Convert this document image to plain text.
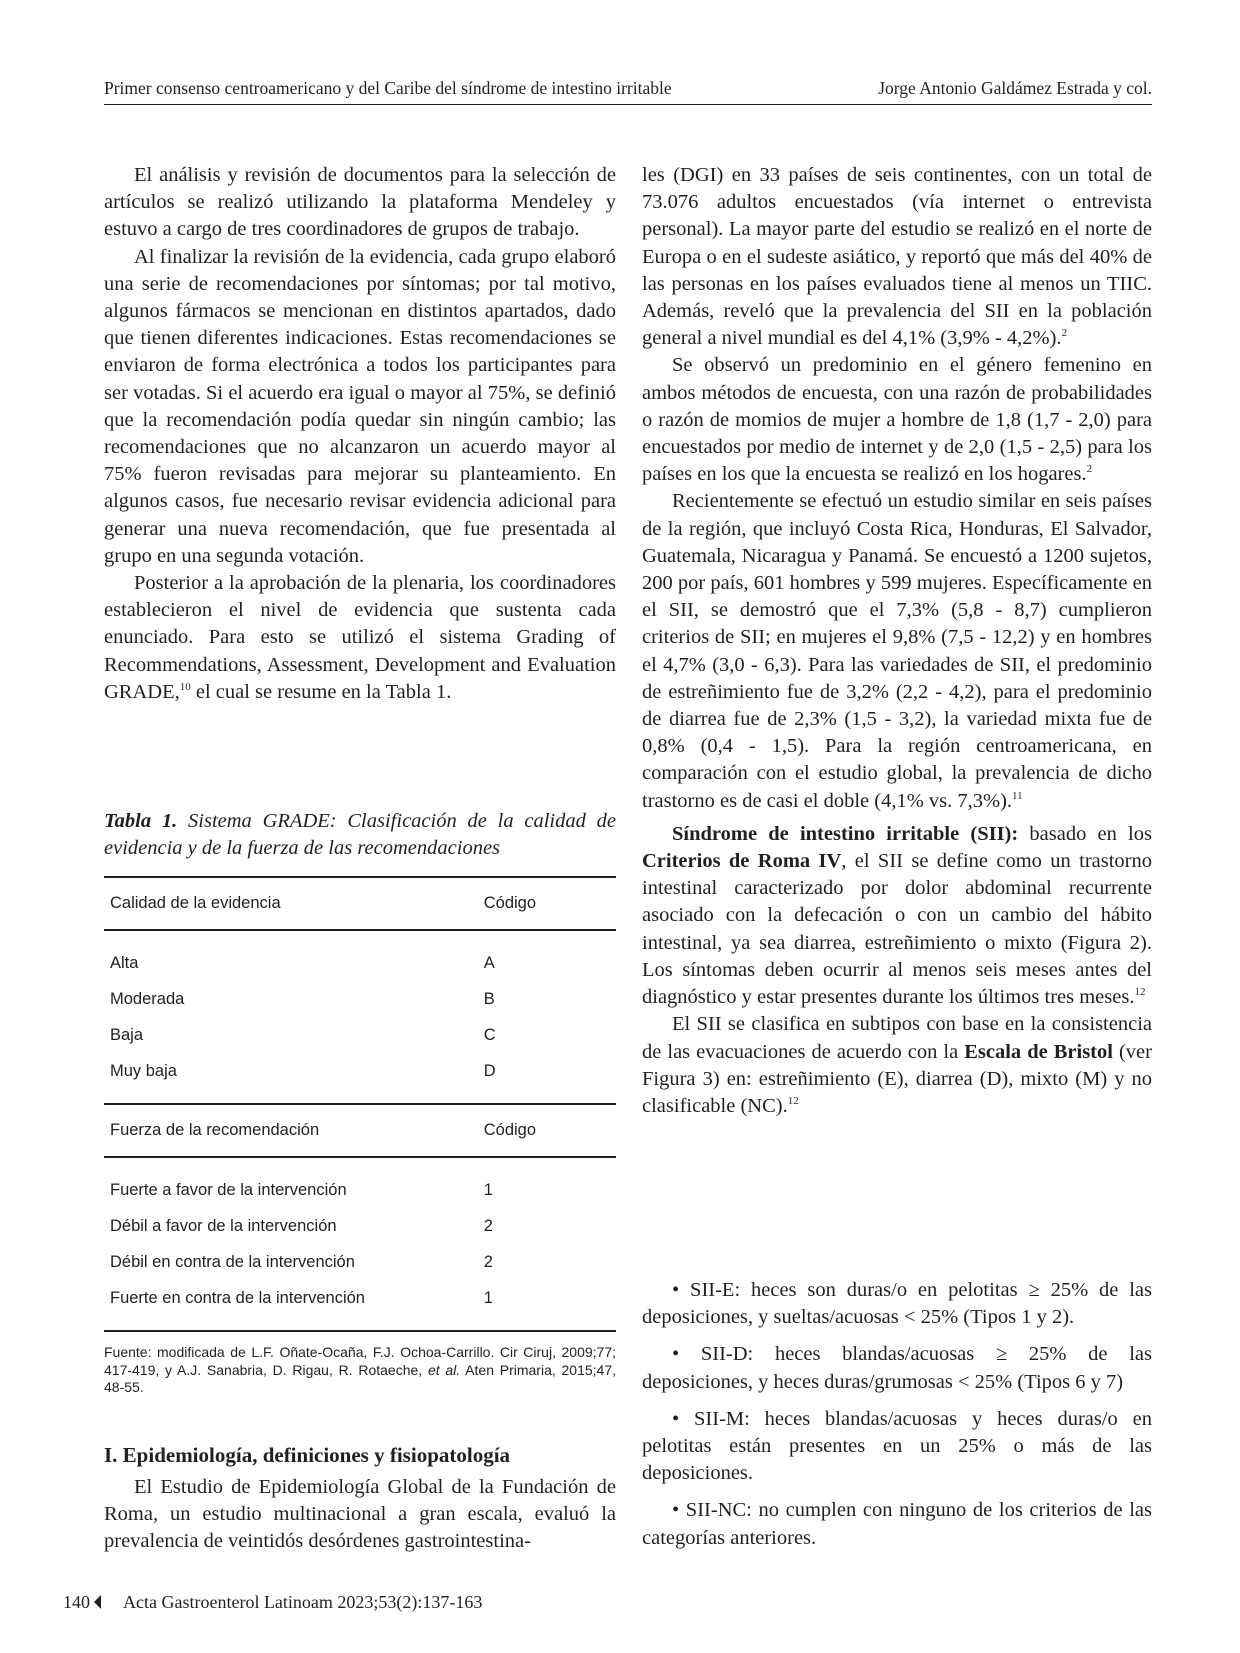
Primer consenso centroamericano y del Caribe del síndrome de intestino irritable	Jorge Antonio Galdámez Estrada y col.

El análisis y revisión de documentos para la selección de artículos se realizó utilizando la plataforma Mendeley y estuvo a cargo de tres coordinadores de grupos de trabajo.

Al finalizar la revisión de la evidencia, cada grupo elaboró una serie de recomendaciones por síntomas; por tal motivo, algunos fármacos se mencionan en distintos apartados, dado que tienen diferentes indicaciones. Estas recomendaciones se enviaron de forma electrónica a todos los participantes para ser votadas. Si el acuerdo era igual o mayor al 75%, se definió que la recomendación podía quedar sin ningún cambio; las recomendaciones que no alcanzaron un acuerdo mayor al 75% fueron revisadas para mejorar su planteamiento. En algunos casos, fue necesario revisar evidencia adicional para generar una nueva recomendación, que fue presentada al grupo en una segunda votación.

Posterior a la aprobación de la plenaria, los coordinadores establecieron el nivel de evidencia que sustenta cada enunciado. Para esto se utilizó el sistema Grading of Recommendations, Assessment, Development and Evaluation GRADE,$^{10}$ el cual se resume en la Tabla 1.

Tabla 1. Sistema GRADE: Clasificación de la calidad de evidencia y de la fuerza de las recomendaciones
Calidad de la evidencia	Código

Alta	A
Moderada	B
Baja	C
Muy baja	D

Fuerza de la recomendación	Código

Fuerte a favor de la intervención	1
Débil a favor de la intervención	2
Débil en contra de la intervención	2
Fuerte en contra de la intervención	1

Fuente: modificada de L.F. Oñate-Ocaña, F.J. Ochoa-Carrillo. Cir Ciruj, 2009;77; 417-419, y A.J. Sanabria, D. Rigau, R. Rotaeche, et al. Aten Primaria, 2015;47, 48-55.
I. Epidemiología, definiciones y fisiopatología

El Estudio de Epidemiología Global de la Fundación de Roma, un estudio multinacional a gran escala, evaluó la prevalencia de veintidós desórdenes gastrointestina-

les (DGI) en 33 países de seis continentes, con un total de 73.076 adultos encuestados (vía internet o entrevista personal). La mayor parte del estudio se realizó en el norte de Europa o en el sudeste asiático, y reportó que más del 40% de las personas en los países evaluados tiene al menos un TIIC. Además, reveló que la prevalencia del SII en la población general a nivel mundial es del 4,1% (3,9% - 4,2%).$^2$

Se observó un predominio en el género femenino en ambos métodos de encuesta, con una razón de probabilidades o razón de momios de mujer a hombre de 1,8 (1,7 - 2,0) para encuestados por medio de internet y de 2,0 (1,5 - 2,5) para los países en los que la encuesta se realizó en los hogares.$^2$

Recientemente se efectuó un estudio similar en seis países de la región, que incluyó Costa Rica, Honduras, El Salvador, Guatemala, Nicaragua y Panamá. Se encuestó a 1200 sujetos, 200 por país, 601 hombres y 599 mujeres. Específicamente en el SII, se demostró que el 7,3% (5,8 - 8,7) cumplieron criterios de SII; en mujeres el 9,8% (7,5 - 12,2) y en hombres el 4,7% (3,0 - 6,3). Para las variedades de SII, el predominio de estreñimiento fue de 3,2% (2,2 - 4,2), para el predominio de diarrea fue de 2,3% (1,5 - 3,2), la variedad mixta fue de 0,8% (0,4 - 1,5). Para la región centroamericana, en comparación con el estudio global, la prevalencia de dicho trastorno es de casi el doble (4,1% vs. 7,3%).$^{11}$

Síndrome de intestino irritable (SII): basado en los Criterios de Roma IV, el SII se define como un trastorno intestinal caracterizado por dolor abdominal recurrente asociado con la defecación o con un cambio del hábito intestinal, ya sea diarrea, estreñimiento o mixto (Figura 2). Los síntomas deben ocurrir al menos seis meses antes del diagnóstico y estar presentes durante los últimos tres meses.$^{12}$

El SII se clasifica en subtipos con base en la consistencia de las evacuaciones de acuerdo con la Escala de Bristol (ver Figura 3) en: estreñimiento (E), diarrea (D), mixto (M) y no clasificable (NC).$^{12}$

• SII-E: heces son duras/o en pelotitas ≥ 25% de las deposiciones, y sueltas/acuosas < 25% (Tipos 1 y 2).

• SII-D: heces blandas/acuosas ≥ 25% de las deposiciones, y heces duras/grumosas < 25% (Tipos 6 y 7)

• SII-M: heces blandas/acuosas y heces duras/o en pelotitas están presentes en un 25% o más de las deposiciones.

• SII-NC: no cumplen con ninguno de los criterios de las categorías anteriores.

140 Acta Gastroenterol Latinoam 2023;53(2):137-163
